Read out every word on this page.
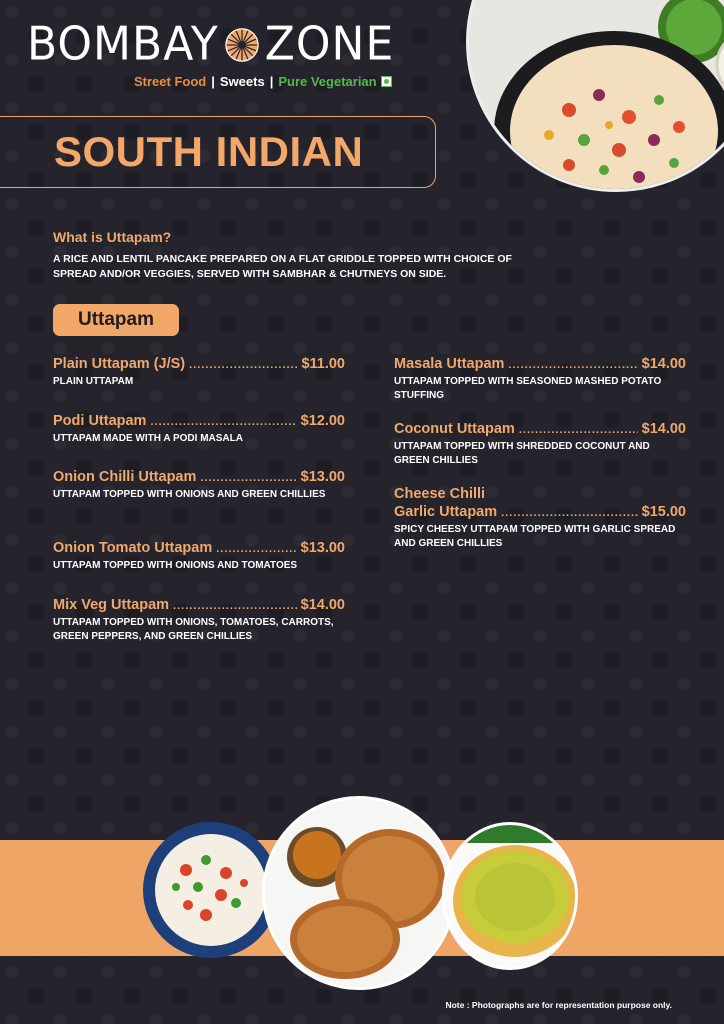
BOMBAY ZONE
Street Food | Sweets | Pure Vegetarian
SOUTH INDIAN
What is Uttapam?
A RICE AND LENTIL PANCAKE PREPARED ON A FLAT GRIDDLE TOPPED WITH CHOICE OF SPREAD AND/OR VEGGIES, SERVED WITH SAMBHAR & CHUTNEYS ON SIDE.
Uttapam
Plain Uttapam (J/S) .....	$11.00
PLAIN UTTAPAM
Podi Uttapam .....	$12.00
UTTAPAM MADE WITH A PODI MASALA
Onion Chilli Uttapam .....	$13.00
UTTAPAM TOPPED WITH ONIONS AND GREEN CHILLIES
Onion Tomato Uttapam .....	$13.00
UTTAPAM TOPPED WITH ONIONS AND TOMATOES
Mix Veg Uttapam .....	$14.00
UTTAPAM TOPPED WITH ONIONS, TOMATOES, CARROTS, GREEN PEPPERS, AND GREEN CHILLIES
Masala Uttapam .....	$14.00
UTTAPAM TOPPED WITH SEASONED MASHED POTATO STUFFING
Coconut Uttapam .....	$14.00
UTTAPAM TOPPED WITH SHREDDED COCONUT AND GREEN CHILLIES
Cheese Chilli
Garlic Uttapam .....	$15.00
SPICY CHEESY UTTAPAM TOPPED WITH GARLIC SPREAD AND GREEN CHILLIES
Note : Photographs are for representation purpose only.
